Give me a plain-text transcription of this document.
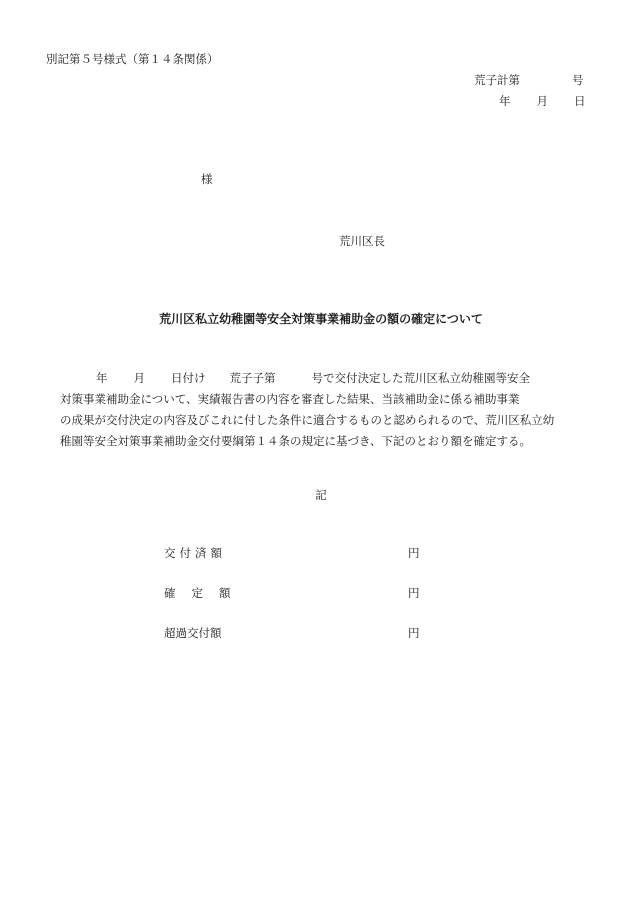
別記第５号様式（第１４条関係）
荒子計第	号
年 月 日
様
荒川区長
荒川区私立幼稚園等安全対策事業補助金の額の確定について
年 月 日付け 荒子子第	号で交付決定した荒川区私立幼稚園等安全
対策事業補助金について、実績報告書の内容を審査した結果、当該補助金に係る補助事業
の成果が交付決定の内容及びこれに付した条件に適合するものと認められるので、荒川区私立幼
稚園等安全対策事業補助金交付要綱第１４条の規定に基づき、下記のとおり額を確定する。
記
交付済額	円
確定額	円
超過交付額	円
